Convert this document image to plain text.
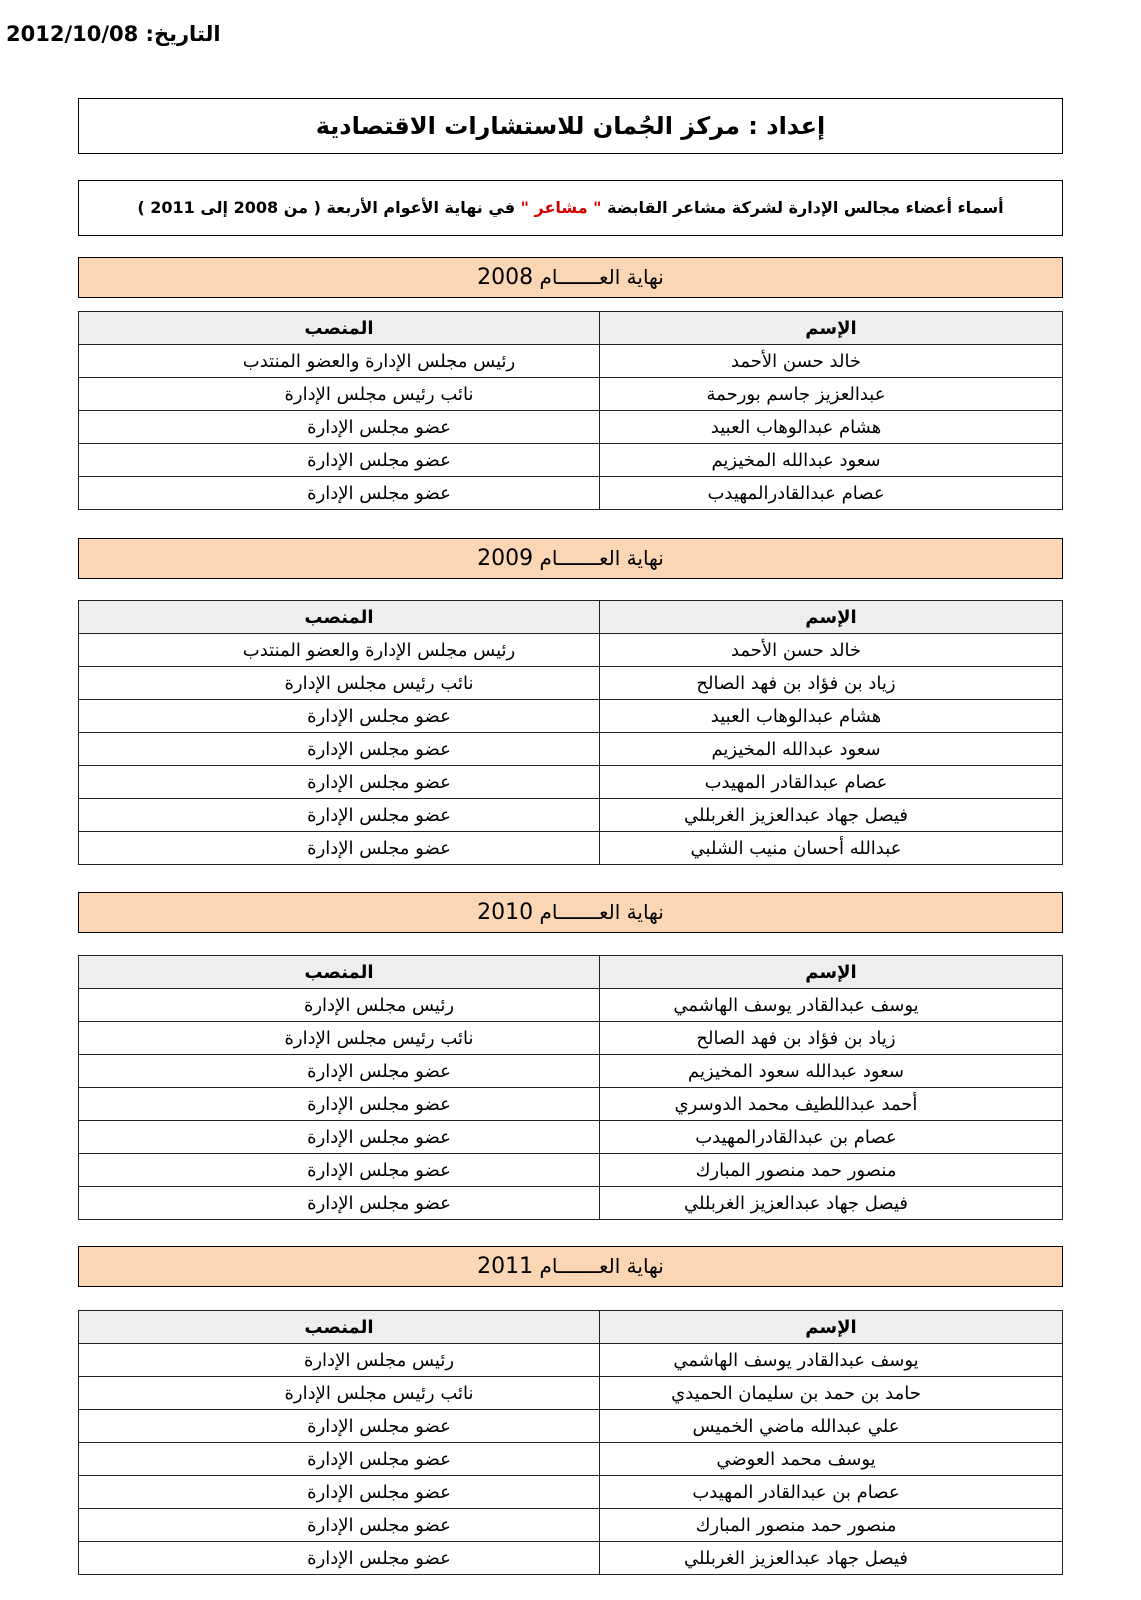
التاريخ: 2012/10/08
إعداد : مركز الجُمان للاستشارات الاقتصادية
أسماء أعضاء مجالس الإدارة لشركة مشاعر القابضة " مشاعر " في نهاية الأعوام الأربعة ( من 2008 إلى 2011 )
نهاية العـــــــام 2008
الإسم	المنصب
خالد حسن الأحمد	رئيس مجلس الإدارة والعضو المنتدب
عبدالعزيز جاسم بورحمة	نائب رئيس مجلس الإدارة
هشام عبدالوهاب العبيد	عضو مجلس الإدارة
سعود عبدالله المخيزيم	عضو مجلس الإدارة
عصام عبدالقادرالمهيدب	عضو مجلس الإدارة
نهاية العـــــــام 2009
الإسم	المنصب
خالد حسن الأحمد	رئيس مجلس الإدارة والعضو المنتدب
زياد بن فؤاد بن فهد الصالح	نائب رئيس مجلس الإدارة
هشام عبدالوهاب العبيد	عضو مجلس الإدارة
سعود عبدالله المخيزيم	عضو مجلس الإدارة
عصام عبدالقادر المهيدب	عضو مجلس الإدارة
فيصل جهاد عبدالعزيز الغربللي	عضو مجلس الإدارة
عبدالله أحسان منيب الشلبي	عضو مجلس الإدارة
نهاية العـــــــام 2010
الإسم	المنصب
يوسف عبدالقادر يوسف الهاشمي	رئيس مجلس الإدارة
زياد بن فؤاد بن فهد الصالح	نائب رئيس مجلس الإدارة
سعود عبدالله سعود المخيزيم	عضو مجلس الإدارة
أحمد عبداللطيف محمد الدوسري	عضو مجلس الإدارة
عصام بن عبدالقادرالمهيدب	عضو مجلس الإدارة
منصور حمد منصور المبارك	عضو مجلس الإدارة
فيصل جهاد عبدالعزيز الغربللي	عضو مجلس الإدارة
نهاية العـــــــام 2011
الإسم	المنصب
يوسف عبدالقادر يوسف الهاشمي	رئيس مجلس الإدارة
حامد بن حمد بن سليمان الحميدي	نائب رئيس مجلس الإدارة
علي عبدالله ماضي الخميس	عضو مجلس الإدارة
يوسف محمد العوضي	عضو مجلس الإدارة
عصام بن عبدالقادر المهيدب	عضو مجلس الإدارة
منصور حمد منصور المبارك	عضو مجلس الإدارة
فيصل جهاد عبدالعزيز الغربللي	عضو مجلس الإدارة
